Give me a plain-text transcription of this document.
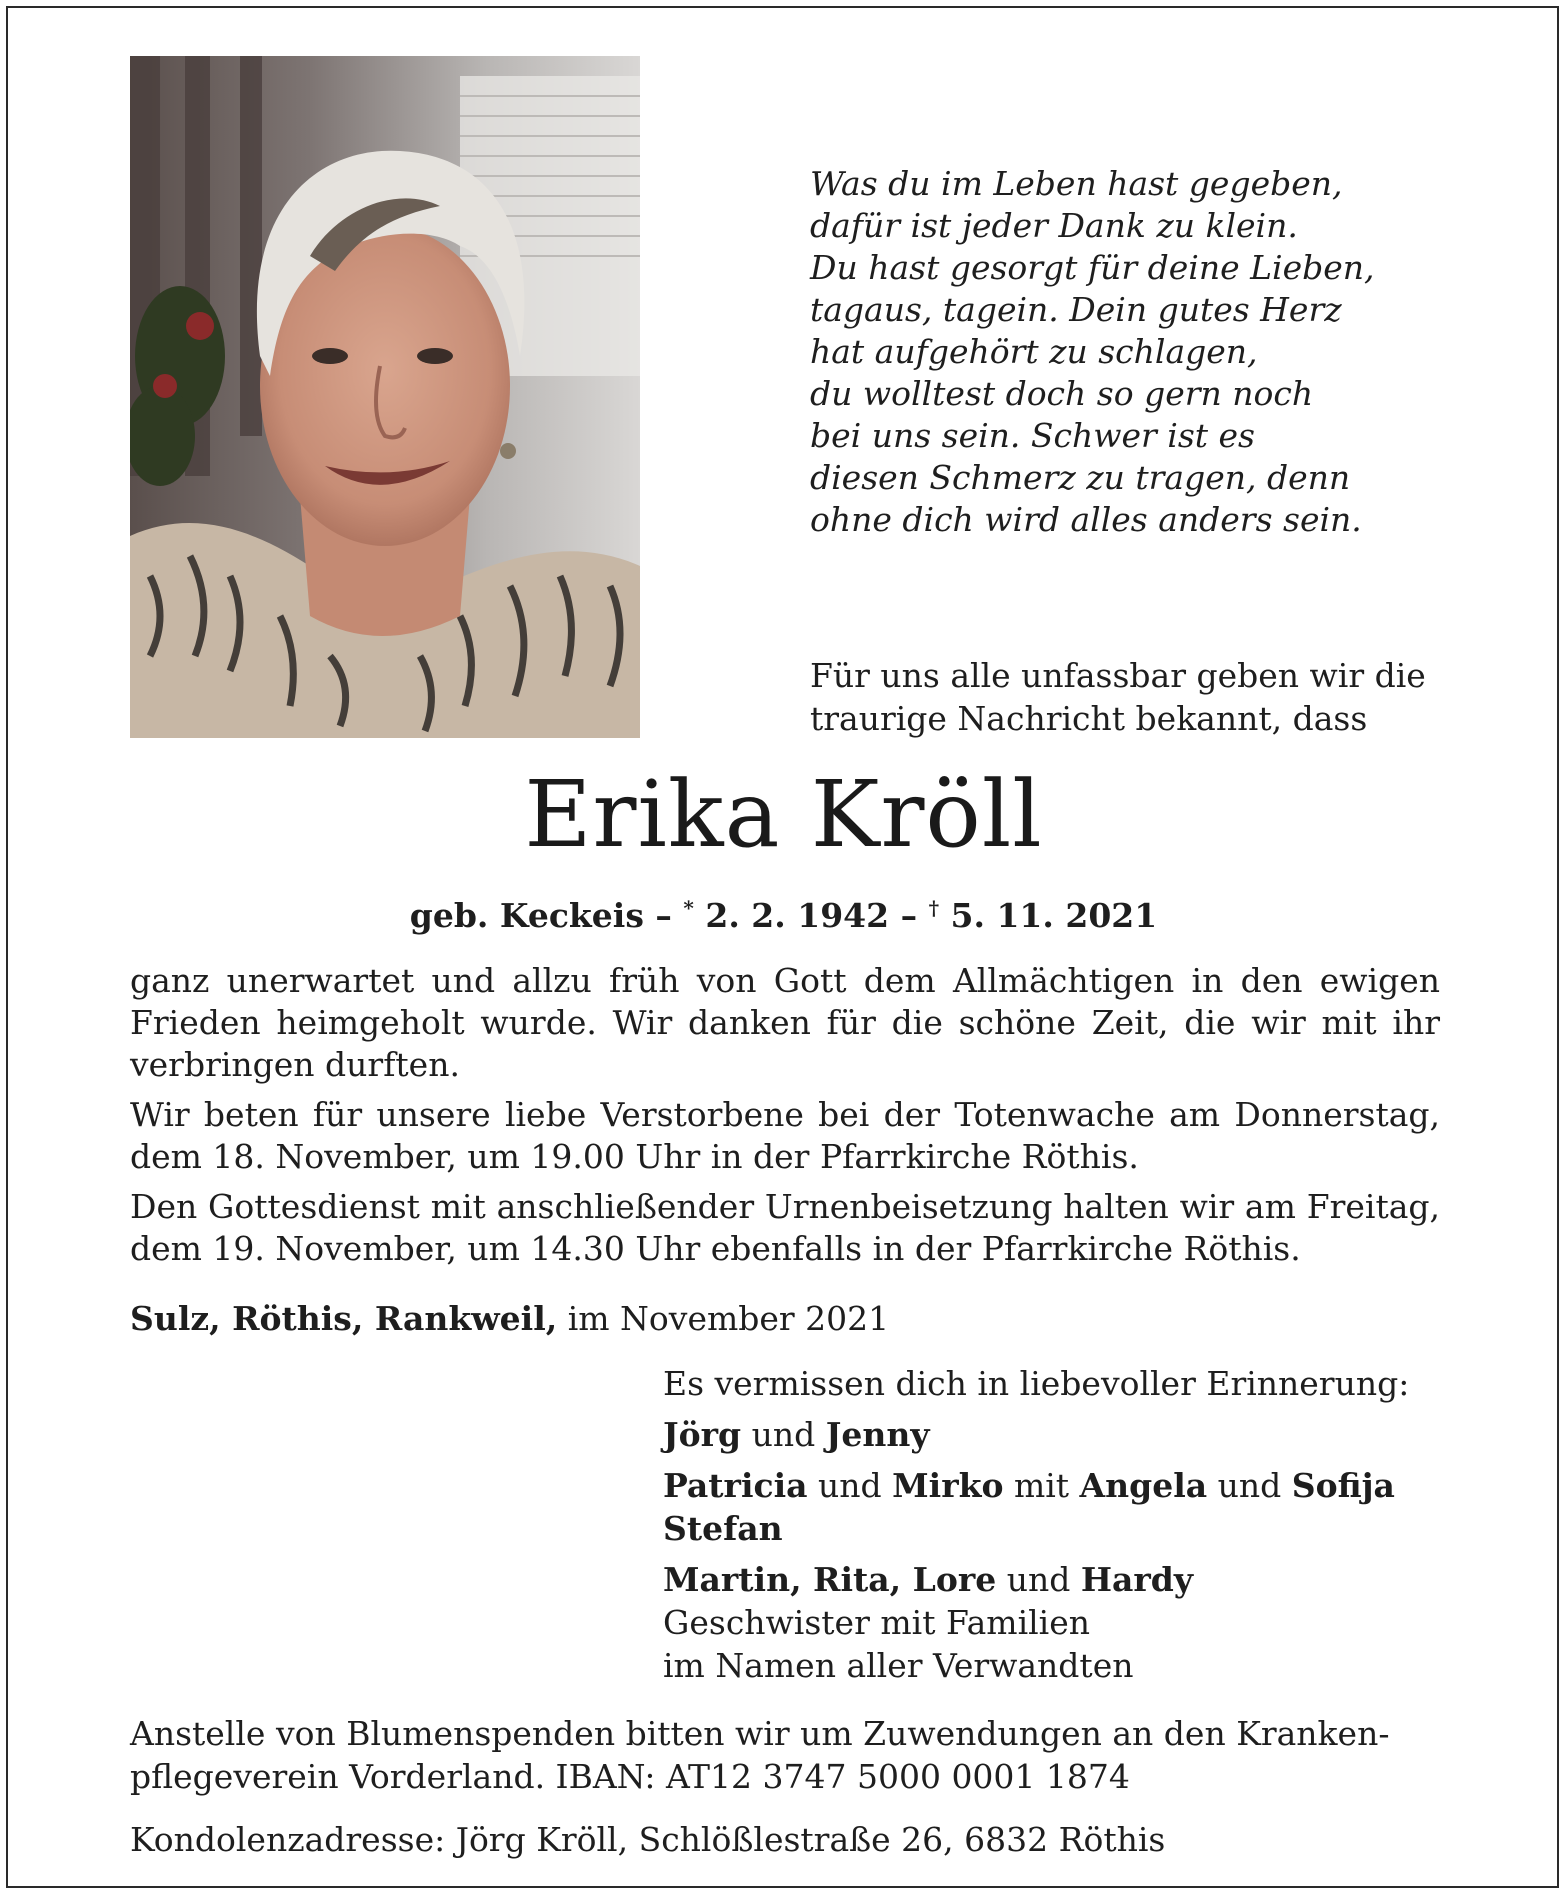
Was du im Leben hast gegeben,
dafür ist jeder Dank zu klein.
Du hast gesorgt für deine Lieben,
tagaus, tagein. Dein gutes Herz
hat aufgehört zu schlagen,
du wolltest doch so gern noch
bei uns sein. Schwer ist es
diesen Schmerz zu tragen, denn
ohne dich wird alles anders sein.
Für uns alle unfassbar geben wir die
traurige Nachricht bekannt, dass
Erika Kröll
geb. Keckeis – * 2. 2. 1942 – † 5. 11. 2021

ganz unerwartet und allzu früh von Gott dem Allmächtigen in den ewigen Frieden heimgeholt wurde. Wir danken für die schöne Zeit, die wir mit ihr verbringen durften.

Wir beten für unsere liebe Verstorbene bei der Totenwache am Donnerstag, dem 18. November, um 19.00 Uhr in der Pfarrkirche Röthis.

Den Gottesdienst mit anschließender Urnenbeisetzung halten wir am Freitag, dem 19. November, um 14.30 Uhr ebenfalls in der Pfarrkirche Röthis.

Sulz, Röthis, Rankweil, im November 2021
Es vermissen dich in liebevoller Erinnerung:
Jörg und Jenny
Patricia und Mirko mit Angela und Sofija
Stefan
Martin, Rita, Lore und Hardy
Geschwister mit Familien
im Namen aller Verwandten
Anstelle von Blumenspenden bitten wir um Zuwendungen an den Kranken-
pflegeverein Vorderland. IBAN: AT12 3747 5000 0001 1874
Kondolenzadresse: Jörg Kröll, Schlößlestraße 26, 6832 Röthis
